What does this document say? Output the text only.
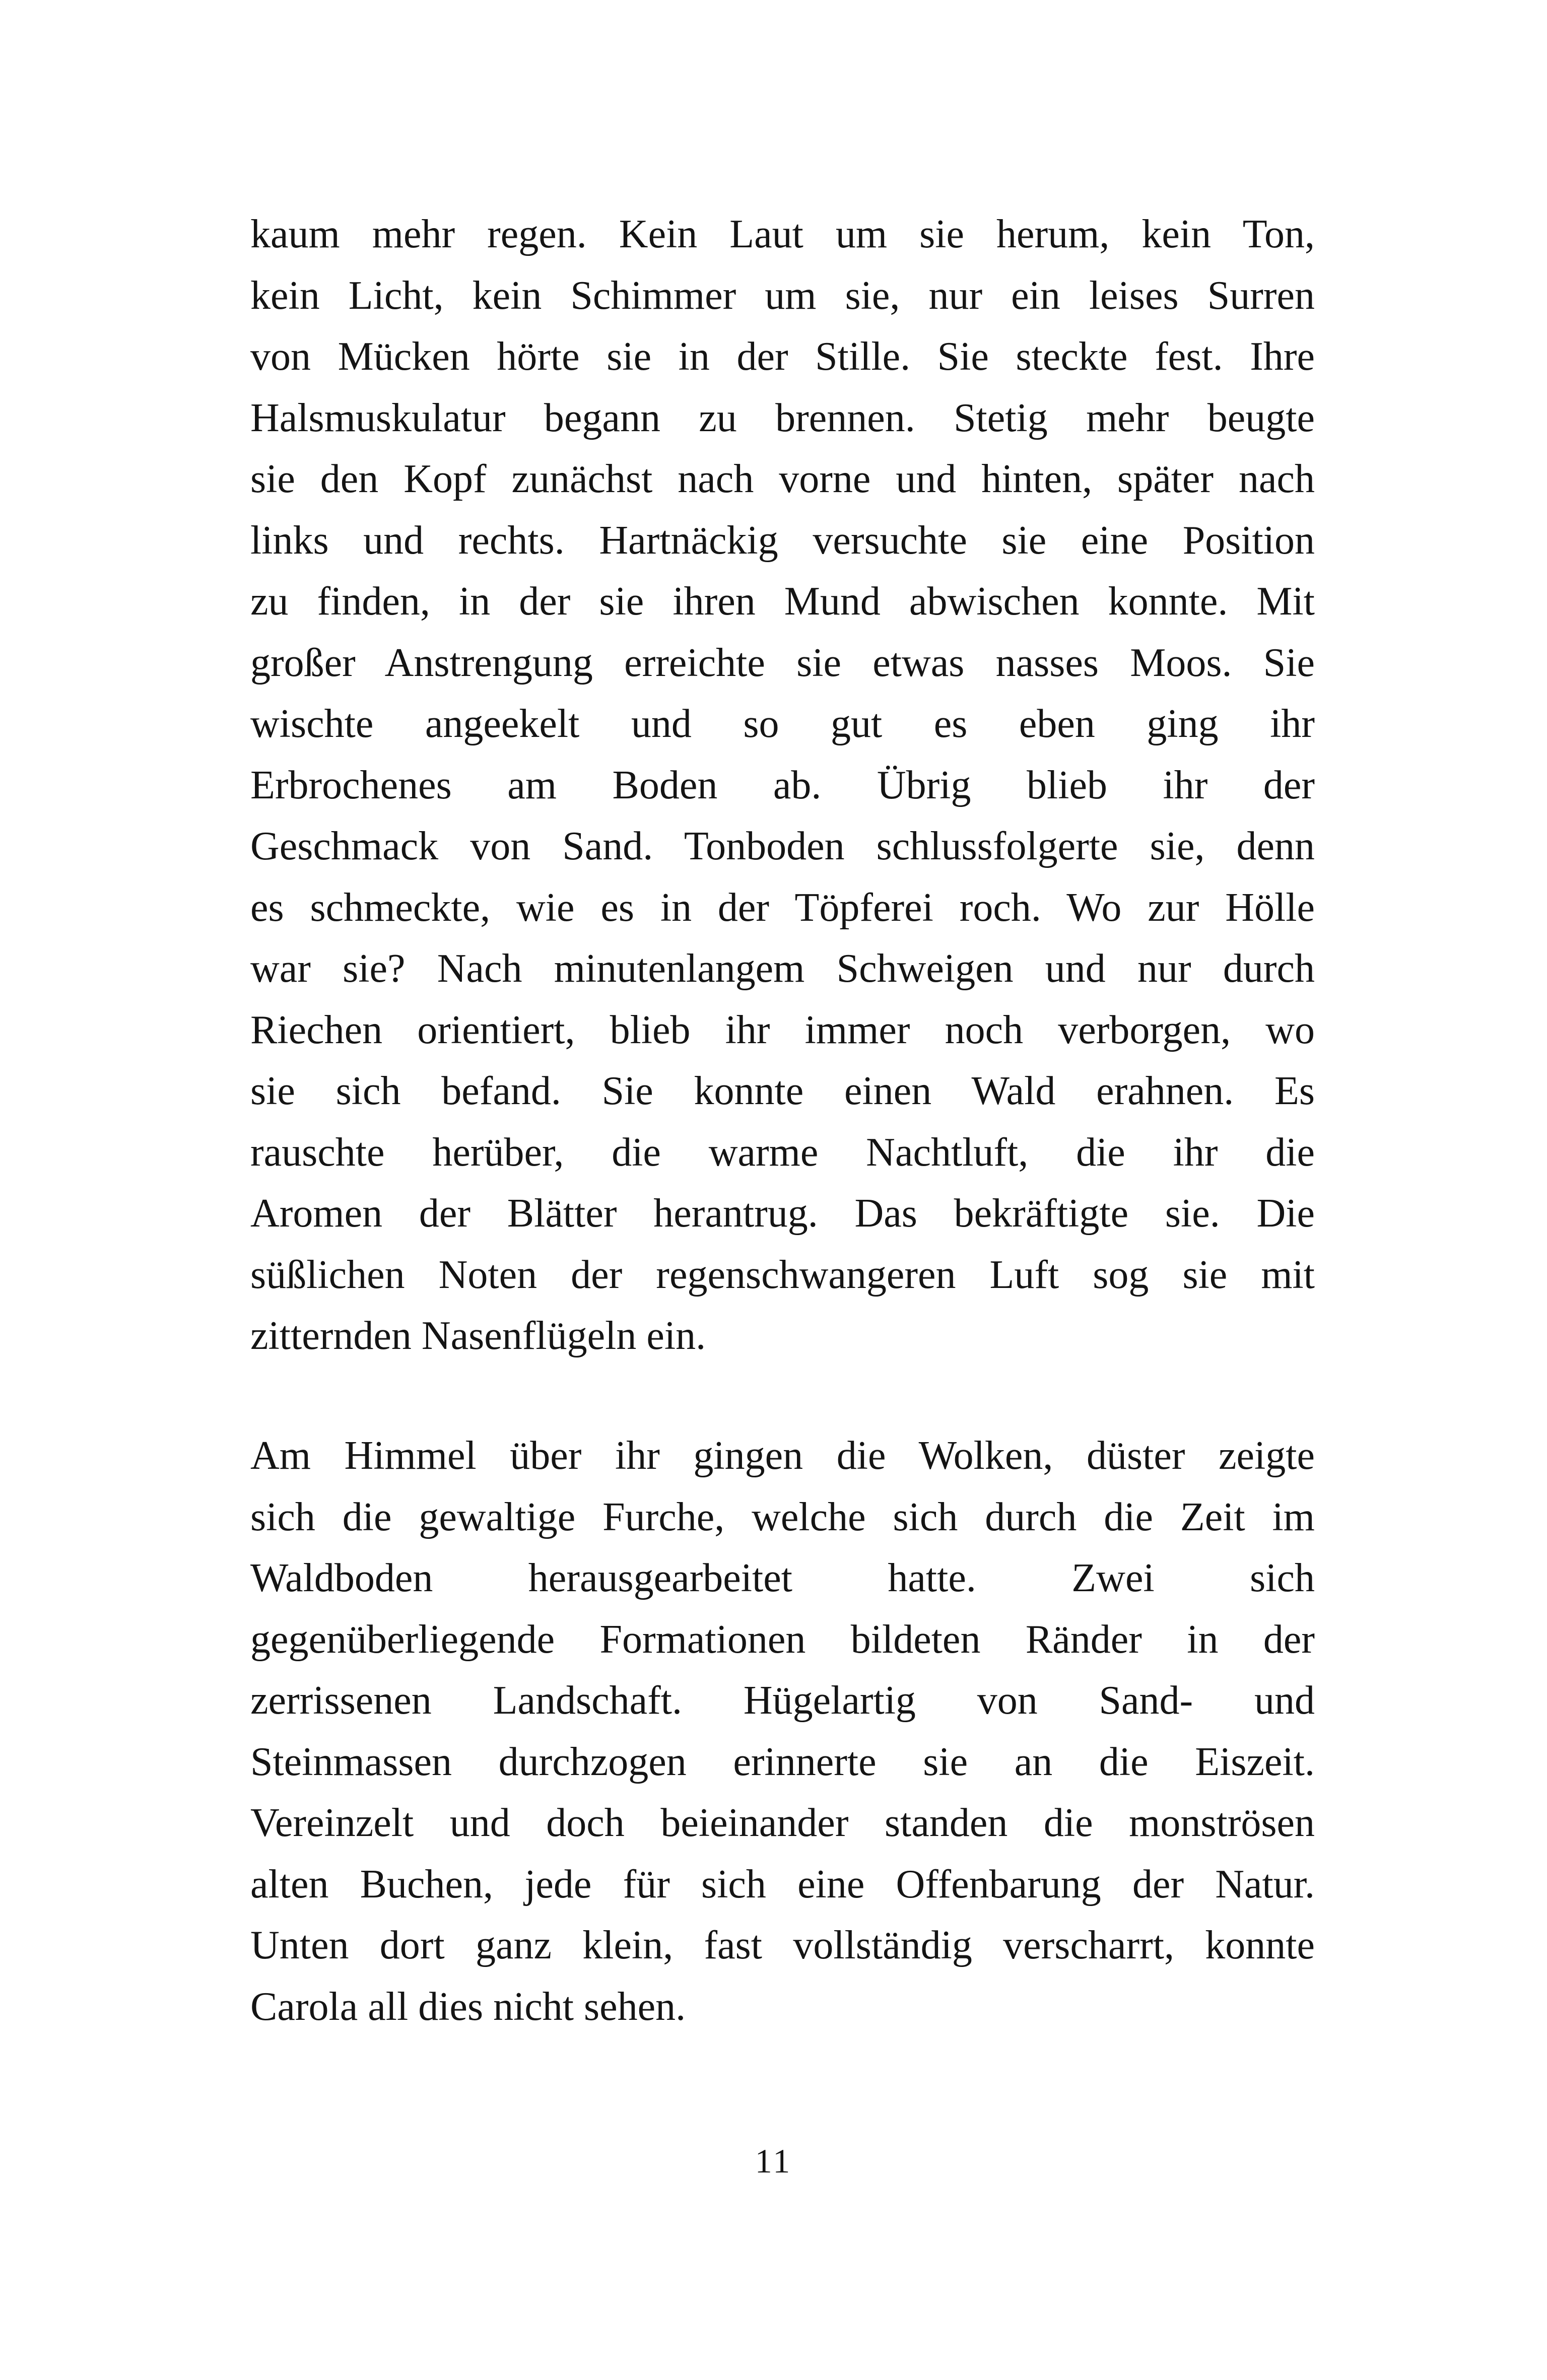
kaum mehr regen. Kein Laut um sie herum, kein Ton,
kein Licht, kein Schimmer um sie, nur ein leises Surren
von Mücken hörte sie in der Stille. Sie steckte fest. Ihre
Halsmuskulatur begann zu brennen. Stetig mehr beugte
sie den Kopf zunächst nach vorne und hinten, später nach
links und rechts. Hartnäckig versuchte sie eine Position
zu finden, in der sie ihren Mund abwischen konnte. Mit
großer Anstrengung erreichte sie etwas nasses Moos. Sie
wischte angeekelt und so gut es eben ging ihr
Erbrochenes am Boden ab. Übrig blieb ihr der
Geschmack von Sand. Tonboden schlussfolgerte sie, denn
es schmeckte, wie es in der Töpferei roch. Wo zur Hölle
war sie? Nach minutenlangem Schweigen und nur durch
Riechen orientiert, blieb ihr immer noch verborgen, wo
sie sich befand. Sie konnte einen Wald erahnen. Es
rauschte herüber, die warme Nachtluft, die ihr die
Aromen der Blätter herantrug. Das bekräftigte sie. Die
süßlichen Noten der regenschwangeren Luft sog sie mit
zitternden Nasenflügeln ein.
Am Himmel über ihr gingen die Wolken, düster zeigte
sich die gewaltige Furche, welche sich durch die Zeit im
Waldboden herausgearbeitet hatte. Zwei sich
gegenüberliegende Formationen bildeten Ränder in der
zerrissenen Landschaft. Hügelartig von Sand- und
Steinmassen durchzogen erinnerte sie an die Eiszeit.
Vereinzelt und doch beieinander standen die monströsen
alten Buchen, jede für sich eine Offenbarung der Natur.
Unten dort ganz klein, fast vollständig verscharrt, konnte
Carola all dies nicht sehen.
11
